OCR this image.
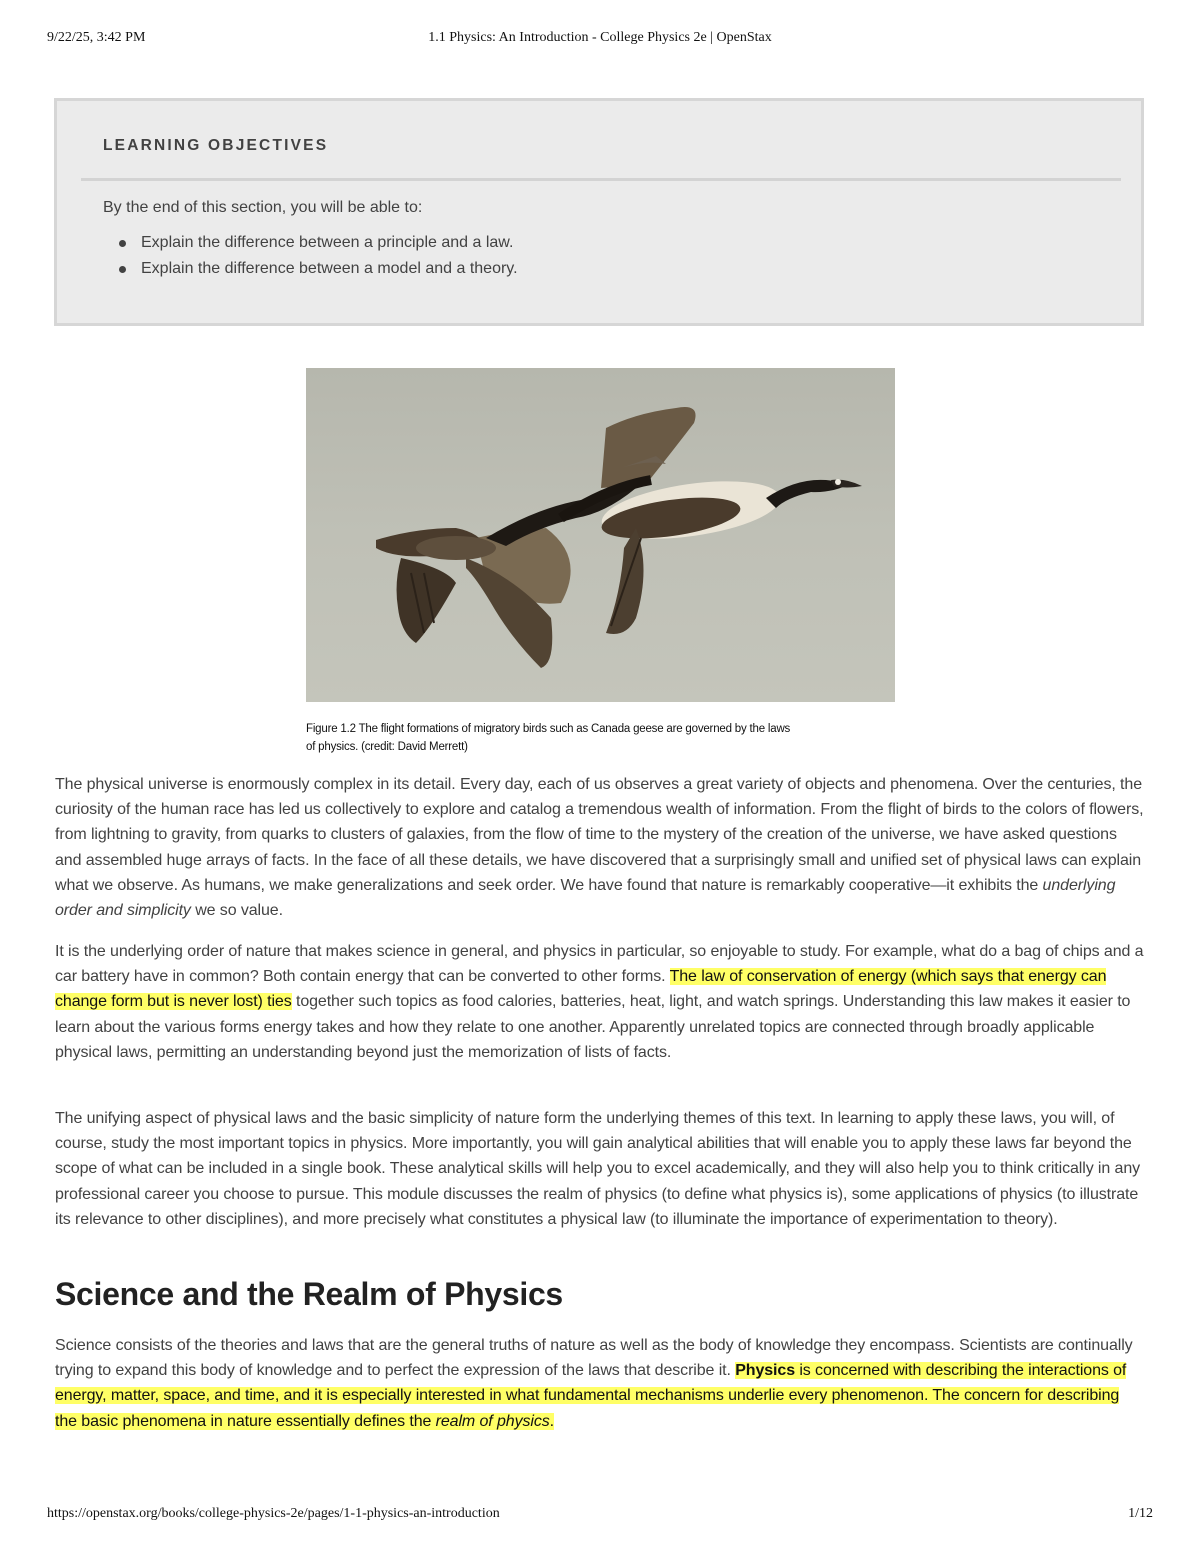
9/22/25, 3:42 PM	1.1 Physics: An Introduction - College Physics 2e | OpenStax
LEARNING OBJECTIVES
By the end of this section, you will be able to:
Explain the difference between a principle and a law.
Explain the difference between a model and a theory.
Figure 1.2 The flight formations of migratory birds such as Canada geese are governed by the laws
of physics. (credit: David Merrett)

The physical universe is enormously complex in its detail. Every day, each of us observes a great variety of objects and phenomena. Over the centuries, the curiosity of the human race has led us collectively to explore and catalog a tremendous wealth of information. From the flight of birds to the colors of flowers, from lightning to gravity, from quarks to clusters of galaxies, from the flow of time to the mystery of the creation of the universe, we have asked questions and assembled huge arrays of facts. In the face of all these details, we have discovered that a surprisingly small and unified set of physical laws can explain what we observe. As humans, we make generalizations and seek order. We have found that nature is remarkably cooperative—it exhibits the underlying order and simplicity we so value.

It is the underlying order of nature that makes science in general, and physics in particular, so enjoyable to study. For example, what do a bag of chips and a car battery have in common? Both contain energy that can be converted to other forms. The law of conservation of energy (which says that energy can change form but is never lost) ties together such topics as food calories, batteries, heat, light, and watch springs. Understanding this law makes it easier to learn about the various forms energy takes and how they relate to one another. Apparently unrelated topics are connected through broadly applicable physical laws, permitting an understanding beyond just the memorization of lists of facts.

The unifying aspect of physical laws and the basic simplicity of nature form the underlying themes of this text. In learning to apply these laws, you will, of course, study the most important topics in physics. More importantly, you will gain analytical abilities that will enable you to apply these laws far beyond the scope of what can be included in a single book. These analytical skills will help you to excel academically, and they will also help you to think critically in any professional career you choose to pursue. This module discusses the realm of physics (to define what physics is), some applications of physics (to illustrate its relevance to other disciplines), and more precisely what constitutes a physical law (to illuminate the importance of experimentation to theory).

Science and the Realm of Physics

Science consists of the theories and laws that are the general truths of nature as well as the body of knowledge they encompass. Scientists are continually trying to expand this body of knowledge and to perfect the expression of the laws that describe it. Physics is concerned with describing the interactions of energy, matter, space, and time, and it is especially interested in what fundamental mechanisms underlie every phenomenon. The concern for describing the basic phenomena in nature essentially defines the realm of physics.

https://openstax.org/books/college-physics-2e/pages/1-1-physics-an-introduction	1/12
